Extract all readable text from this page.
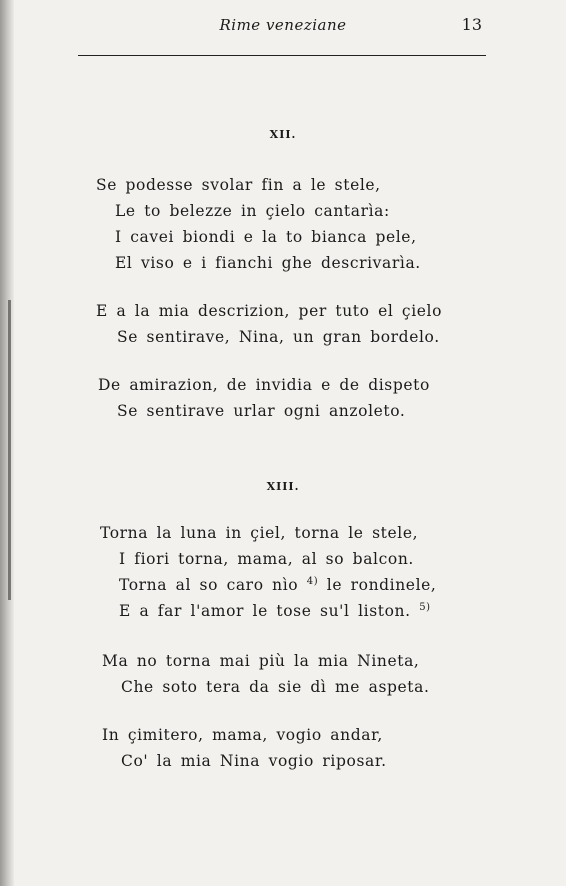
Rime veneziane	13
XII.
Se podesse svolar fin a le stele,
Le to belezze in çielo cantarìa:
I cavei biondi e la to bianca pele,
El viso e i fianchi ghe descrivarìa.
E a la mia descrizion, per tuto el çielo
Se sentirave, Nina, un gran bordelo.
De amirazion, de invidia e de dispeto
Se sentirave urlar ogni anzoleto.
XIII.
Torna la luna in çiel, torna le stele,
I fiori torna, mama, al so balcon.
Torna al so caro nìo $^{4)}$ le rondinele,
E a far l'amor le tose su'l liston. $^{5)}$
Ma no torna mai più la mia Nineta,
Che soto tera da sie dì me aspeta.
In çimitero, mama, vogio andar,
Co' la mia Nina vogio riposar.
